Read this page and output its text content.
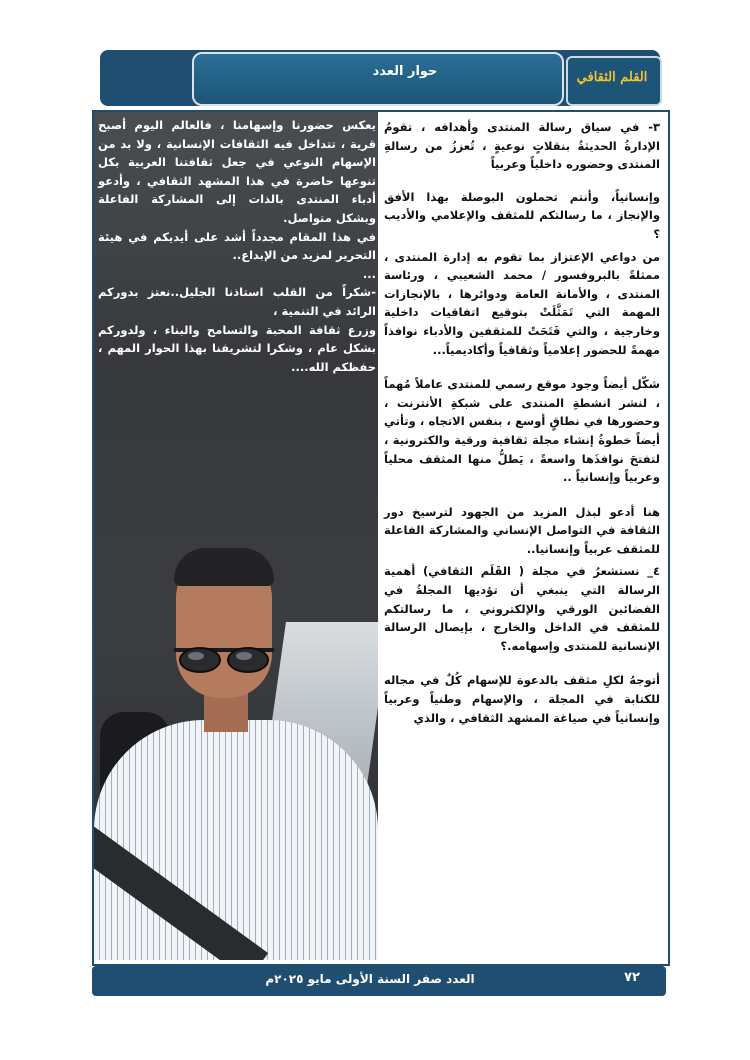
حوار العدد	القلم الثقافي

يعكس حضورنا وإسهامنا ، فالعالم اليوم أصبح قرية ، تتداخل فيه الثقافات الإنسانية ، ولا بد من الإسهام النوعي في جعل ثقافتنا العربية بكل تنوعها حاضرة في هذا المشهد الثقافي ، وأدعو أدباء المنتدى بالذات إلى المشاركة الفاعلة وبشكل متواصل.

في هذا المقام مجدداً أشد على أيديكم في هيئة التحرير لمزيد من الإبداع..

...

-شكراً من القلب استاذنا الجليل..نعتز بدوركم الرائد في التنمية ،

وزرع ثقافة المحبة والتسامح والبناء ، ولدوركم بشكل عام ، وشكرا لتشريفنا بهذا الحوار المهم ، حفظكم الله....

٣- في سياق رسالة المنتدى وأهدافه ، تقومُ الإدارةُ الحديثةُ بنقلاتٍ نوعيةٍ ، تُعززُ من رسالةِ المنتدى وحضوره داخلياً وعربياً

وإنسانياً، وأنتم تحملون البوصلة بهذا الأفق والإنجاز ، ما رسالتكم للمثقف والإعلامي والأديب ؟

من دواعي الإعتزاز بما تقوم به إدارة المنتدى ، ممثلةً بالبروفسور / محمد الشعيبي ، ورئاسة المنتدى ، والأمانة العامة ودوائرها ، بالإنجازات المهمة التي تَمَثَّلَتْ بتوقيع اتفاقيات داخلية وخارجية ، والتي فَتَحَتْ للمثقفين والأدباء نوافذاً مهمةً للحضور إعلامياً وثقافياً وأكاديمياً...

شكّل أيضاً وجود موقع رسمي للمنتدى عاملاً مُهماً ، لنشر انشطةِ المنتدى على شبكةِ الأنترنت ، وحضورها في نطاقٍ أوسع ، بنفس الاتجاه ، وتأتي أيضاً خطوةُ إنشاء مجلة ثقافية ورقية والكترونية ، لتفتحَ نوافذَها واسعةً ، يَطلُّ منها المثقف محلياً وعربياً وإنسانياً ..

هنا أدعو لبذل المزيد من الجهود لترسيخ دور الثقافة في التواصل الإنساني والمشاركة الفاعلة للمثقف عربياً وإنسانيا..

٤_ نستشعرُ في مجلة ( القَلَم الثقافي) أهمية الرسالة التي ينبغي أن تؤديها المجلةُ في الفضائين الورقي والإلكتروني ، ما رسالتكم للمثقف في الداخل والخارج ، بإيصال الرسالة الإنسانية للمنتدى وإسهامه.؟

أتوجهُ لكلِ مثقف بالدعوة للإسهام كُلٌ في مجاله للكتابة في المجلة ، والإسهام وطنياً وعربياً وإنسانياً في صياغة المشهد الثقافي ، والذي

العدد صفر السنة الأولى مايو ٢٠٢٥م	٧٢
